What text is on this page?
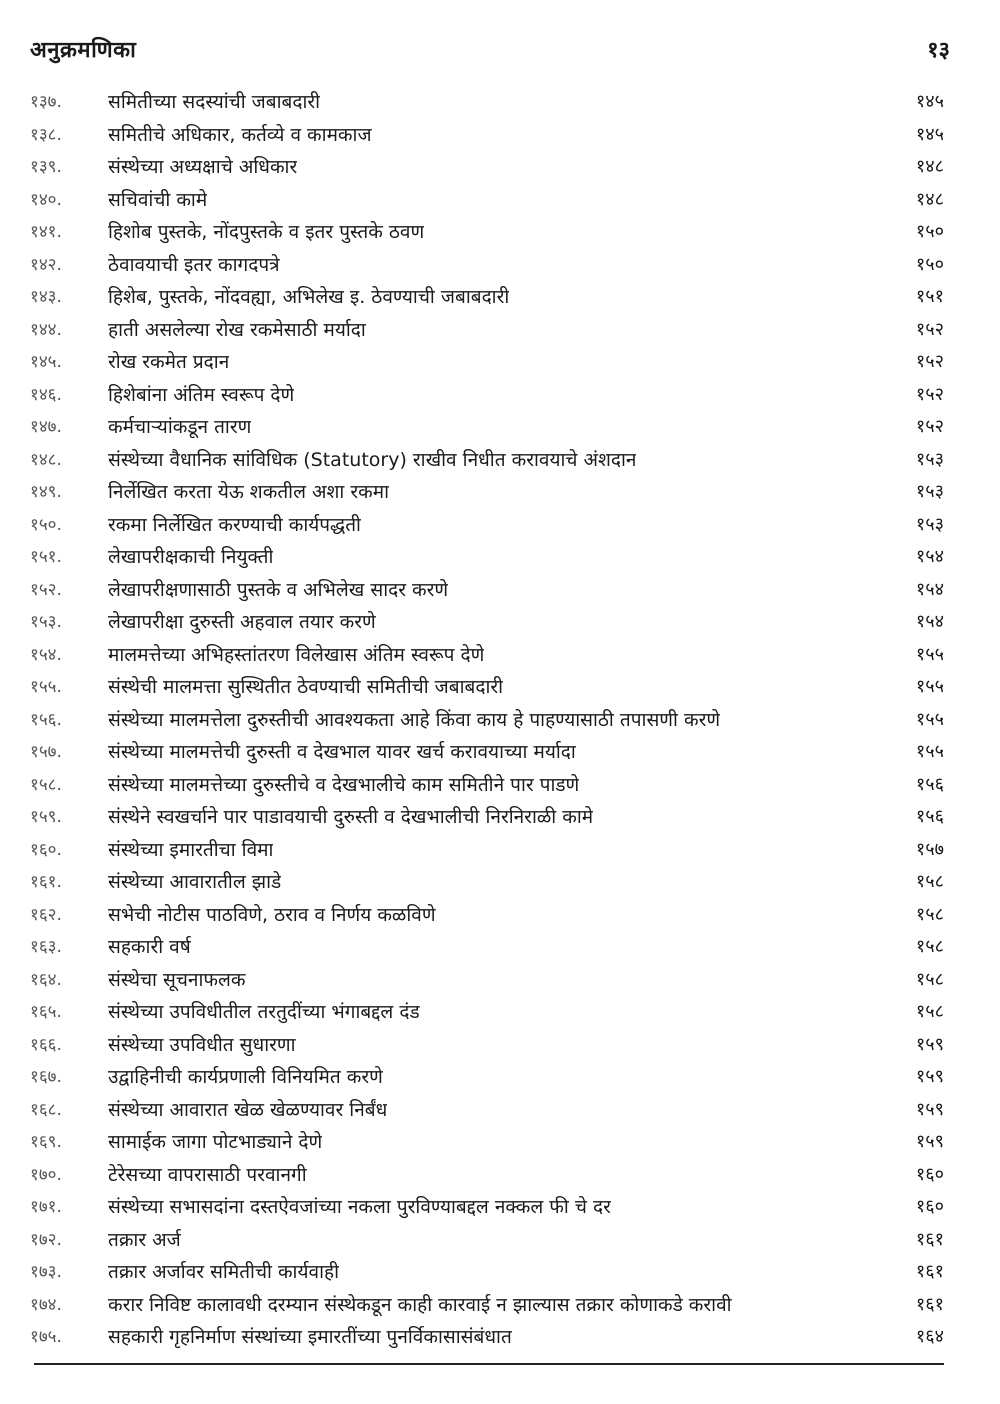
अनुक्रमणिका	१३
१३७.	समितीच्या सदस्यांची जबाबदारी	१४५
१३८.	समितीचे अधिकार, कर्तव्ये व कामकाज	१४५
१३९.	संस्थेच्या अध्यक्षाचे अधिकार	१४८
१४०.	सचिवांची कामे	१४८
१४१.	हिशोब पुस्तके, नोंदपुस्तके व इतर पुस्तके ठवण	१५०
१४२.	ठेवावयाची इतर कागदपत्रे	१५०
१४३.	हिशेब, पुस्तके, नोंदवह्या, अभिलेख इ. ठेवण्याची जबाबदारी	१५१
१४४.	हाती असलेल्या रोख रकमेसाठी मर्यादा	१५२
१४५.	रोख रकमेत प्रदान	१५२
१४६.	हिशेबांना अंतिम स्वरूप देणे	१५२
१४७.	कर्मचाऱ्यांकडून तारण	१५२
१४८.	संस्थेच्या वैधानिक सांविधिक (Statutory) राखीव निधीत करावयाचे अंशदान	१५३
१४९.	निर्लेखित करता येऊ शकतील अशा रकमा	१५३
१५०.	रकमा निर्लेखित करण्याची कार्यपद्धती	१५३
१५१.	लेखापरीक्षकाची नियुक्ती	१५४
१५२.	लेखापरीक्षणासाठी पुस्तके व अभिलेख सादर करणे	१५४
१५३.	लेखापरीक्षा दुरुस्ती अहवाल तयार करणे	१५४
१५४.	मालमत्तेच्या अभिहस्तांतरण विलेखास अंतिम स्वरूप देणे	१५५
१५५.	संस्थेची मालमत्ता सुस्थितीत ठेवण्याची समितीची जबाबदारी	१५५
१५६.	संस्थेच्या मालमत्तेला दुरुस्तीची आवश्यकता आहे किंवा काय हे पाहण्यासाठी तपासणी करणे	१५५
१५७.	संस्थेच्या मालमत्तेची दुरुस्ती व देखभाल यावर खर्च करावयाच्या मर्यादा	१५५
१५८.	संस्थेच्या मालमत्तेच्या दुरुस्तीचे व देखभालीचे काम समितीने पार पाडणे	१५६
१५९.	संस्थेने स्वखर्चाने पार पाडावयाची दुरुस्ती व देखभालीची निरनिराळी कामे	१५६
१६०.	संस्थेच्या इमारतीचा विमा	१५७
१६१.	संस्थेच्या आवारातील झाडे	१५८
१६२.	सभेची नोटीस पाठविणे, ठराव व निर्णय कळविणे	१५८
१६३.	सहकारी वर्ष	१५८
१६४.	संस्थेचा सूचनाफलक	१५८
१६५.	संस्थेच्या उपविधीतील तरतुदींच्या भंगाबद्दल दंड	१५८
१६६.	संस्थेच्या उपविधीत सुधारणा	१५९
१६७.	उद्वाहिनीची कार्यप्रणाली विनियमित करणे	१५९
१६८.	संस्थेच्या आवारात खेळ खेळण्यावर निर्बंध	१५९
१६९.	सामाईक जागा पोटभाड्याने देणे	१५९
१७०.	टेरेसच्या वापरासाठी परवानगी	१६०
१७१.	संस्थेच्या सभासदांना दस्तऐवजांच्या नकला पुरविण्याबद्दल नक्कल फी चे दर	१६०
१७२.	तक्रार अर्ज	१६१
१७३.	तक्रार अर्जावर समितीची कार्यवाही	१६१
१७४.	करार निविष्ट कालावधी दरम्यान संस्थेकडून काही कारवाई न झाल्यास तक्रार कोणाकडे करावी	१६१
१७५.	सहकारी गृहनिर्माण संस्थांच्या इमारतींच्या पुनर्विकासासंबंधात	१६४
